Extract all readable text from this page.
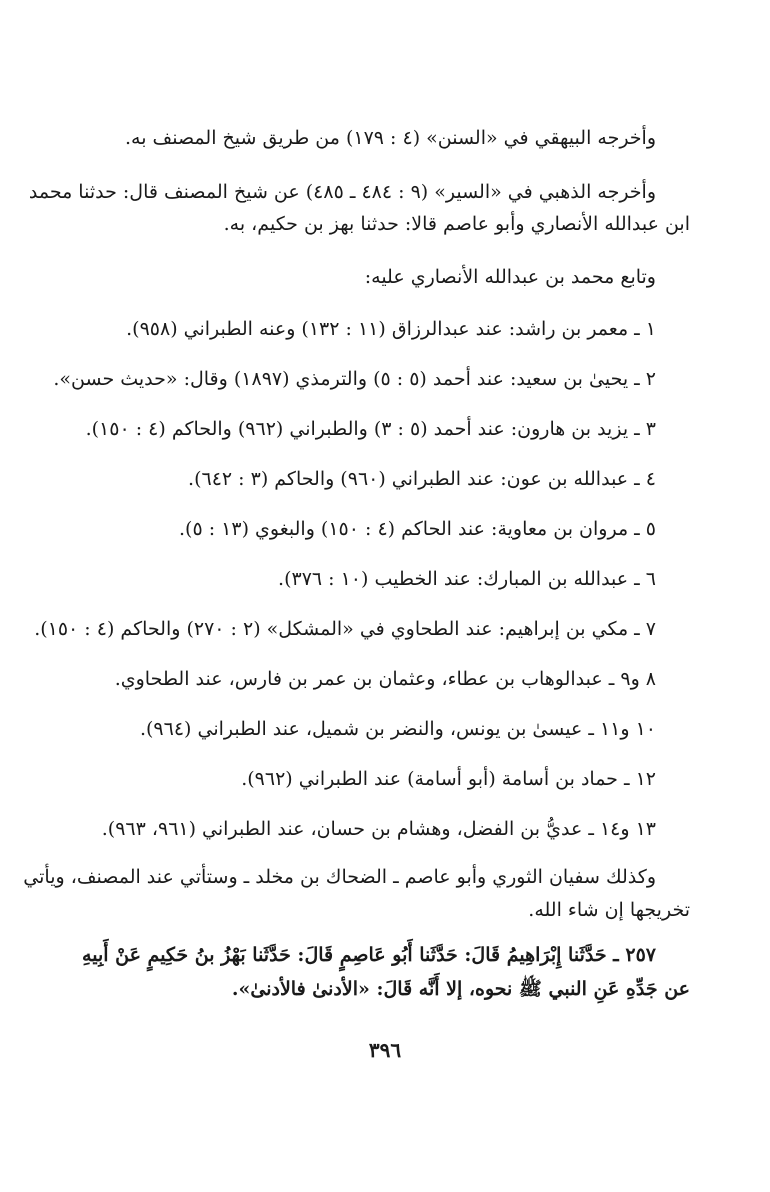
وأخرجه البيهقي في «السنن» (٤ : ١٧٩) من طريق شيخ المصنف به.
وأخرجه الذهبي في «السير» (٩ : ٤٨٤ ـ ٤٨٥) عن شيخ المصنف قال: حدثنا محمد
ابن عبدالله الأنصاري وأبو عاصم قالا: حدثنا بهز بن حكيم، به.
وتابع محمد بن عبدالله الأنصاري عليه:
١ ـ معمر بن راشد: عند عبدالرزاق (١١ : ١٣٢) وعنه الطبراني (٩٥٨).
٢ ـ يحيىٰ بن سعيد: عند أحمد (٥ : ٥) والترمذي (١٨٩٧) وقال: «حديث حسن».
٣ ـ يزيد بن هارون: عند أحمد (٥ : ٣) والطبراني (٩٦٢) والحاكم (٤ : ١٥٠).
٤ ـ عبدالله بن عون: عند الطبراني (٩٦٠) والحاكم (٣ : ٦٤٢).
٥ ـ مروان بن معاوية: عند الحاكم (٤ : ١٥٠) والبغوي (١٣ : ٥).
٦ ـ عبدالله بن المبارك: عند الخطيب (١٠ : ٣٧٦).
٧ ـ مكي بن إبراهيم: عند الطحاوي في «المشكل» (٢ : ٢٧٠) والحاكم (٤ : ١٥٠).
٨ و٩ ـ عبدالوهاب بن عطاء، وعثمان بن عمر بن فارس، عند الطحاوي.
١٠ و١١ ـ عيسىٰ بن يونس، والنضر بن شميل، عند الطبراني (٩٦٤).
١٢ ـ حماد بن أسامة (أبو أسامة) عند الطبراني (٩٦٢).
١٣ و١٤ ـ عديُّ بن الفضل، وهشام بن حسان، عند الطبراني (٩٦١، ٩٦٣).
وكذلك سفيان الثوري وأبو عاصم ـ الضحاك بن مخلد ـ وستأتي عند المصنف، ويأتي
تخريجها إن شاء الله.
٢٥٧ ـ حَدَّثَنا إِبْرَاهِيمُ قَالَ: حَدَّثَنا أَبُو عَاصِمٍ قَالَ: حَدَّثَنا بَهْزُ بنُ حَكِيمٍ عَنْ أَبِيهِ
عن جَدِّهِ عَنِ النبي ﷺ نحوه، إلا أَنَّه قَالَ: «الأدنىٰ فالأدنىٰ».
٣٩٦
